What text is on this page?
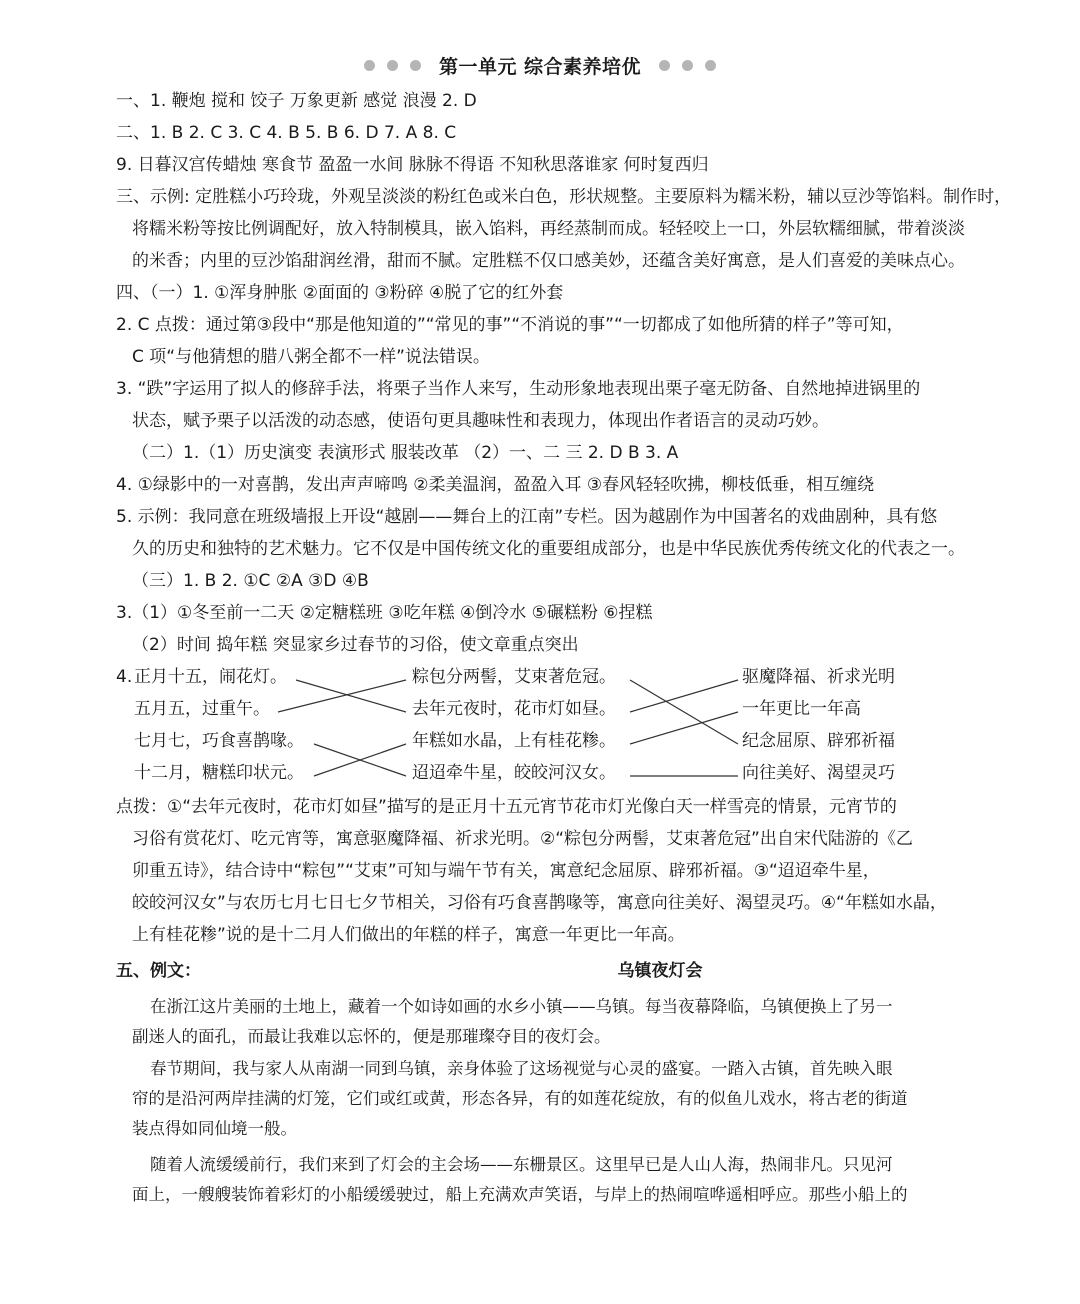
第一单元 综合素养培优
一、1. 鞭炮 搅和 饺子 万象更新 感觉 浪漫 2. D
二、1. B 2. C 3. C 4. B 5. B 6. D 7. A 8. C
9. 日暮汉宫传蜡烛 寒食节 盈盈一水间 脉脉不得语 不知秋思落谁家 何时复西归
三、示例: 定胜糕小巧玲珑，外观呈淡淡的粉红色或米白色，形状规整。主要原料为糯米粉，辅以豆沙等馅料。制作时，
将糯米粉等按比例调配好，放入特制模具，嵌入馅料，再经蒸制而成。轻轻咬上一口，外层软糯细腻，带着淡淡
的米香；内里的豆沙馅甜润丝滑，甜而不腻。定胜糕不仅口感美妙，还蕴含美好寓意，是人们喜爱的美味点心。
四、（一）1. ①浑身肿胀 ②面面的 ③粉碎 ④脱了它的红外套
2. C 点拨：通过第③段中“那是他知道的”“常见的事”“不消说的事”“一切都成了如他所猜的样子”等可知，
C 项“与他猜想的腊八粥全都不一样”说法错误。
3. “跌”字运用了拟人的修辞手法，将栗子当作人来写，生动形象地表现出栗子毫无防备、自然地掉进锅里的
状态，赋予栗子以活泼的动态感，使语句更具趣味性和表现力，体现出作者语言的灵动巧妙。
（二）1.（1）历史演变 表演形式 服装改革 （2）一、二 三 2. D B 3. A
4. ①绿影中的一对喜鹊，发出声声啼鸣 ②柔美温润，盈盈入耳 ③春风轻轻吹拂，柳枝低垂，相互缠绕
5. 示例：我同意在班级墙报上开设“越剧——舞台上的江南”专栏。因为越剧作为中国著名的戏曲剧种，具有悠
久的历史和独特的艺术魅力。它不仅是中国传统文化的重要组成部分，也是中华民族优秀传统文化的代表之一。
（三）1. B 2. ①C ②A ③D ④B
3.（1）①冬至前一二天 ②定糖糕班 ③吃年糕 ④倒冷水 ⑤碾糕粉 ⑥捏糕
（2）时间 捣年糕 突显家乡过春节的习俗，使文章重点突出
4. 正月十五，闹花灯。
五月五，过重午。
七月七，巧食喜鹊喙。
十二月，糖糕印状元。
粽包分两髻，艾束著危冠。
去年元夜时，花市灯如昼。
年糕如水晶，上有桂花糁。
迢迢牵牛星，皎皎河汉女。
驱魔降福、祈求光明
一年更比一年高
纪念屈原、辟邪祈福
向往美好、渴望灵巧
点拨：①“去年元夜时，花市灯如昼”描写的是正月十五元宵节花市灯光像白天一样雪亮的情景，元宵节的
习俗有赏花灯、吃元宵等，寓意驱魔降福、祈求光明。②“粽包分两髻，艾束著危冠”出自宋代陆游的《乙
卯重五诗》，结合诗中“粽包”“艾束”可知与端午节有关，寓意纪念屈原、辟邪祈福。③“迢迢牵牛星，
皎皎河汉女”与农历七月七日七夕节相关，习俗有巧食喜鹊喙等，寓意向往美好、渴望灵巧。④“年糕如水晶，
上有桂花糁”说的是十二月人们做出的年糕的样子，寓意一年更比一年高。
五、例文：	乌镇夜灯会
在浙江这片美丽的土地上，藏着一个如诗如画的水乡小镇——乌镇。每当夜幕降临，乌镇便换上了另一
副迷人的面孔，而最让我难以忘怀的，便是那璀璨夺目的夜灯会。
春节期间，我与家人从南湖一同到乌镇，亲身体验了这场视觉与心灵的盛宴。一踏入古镇，首先映入眼
帘的是沿河两岸挂满的灯笼，它们或红或黄，形态各异，有的如莲花绽放，有的似鱼儿戏水，将古老的街道
装点得如同仙境一般。
随着人流缓缓前行，我们来到了灯会的主会场——东栅景区。这里早已是人山人海，热闹非凡。只见河
面上，一艘艘装饰着彩灯的小船缓缓驶过，船上充满欢声笑语，与岸上的热闹喧哗遥相呼应。那些小船上的
